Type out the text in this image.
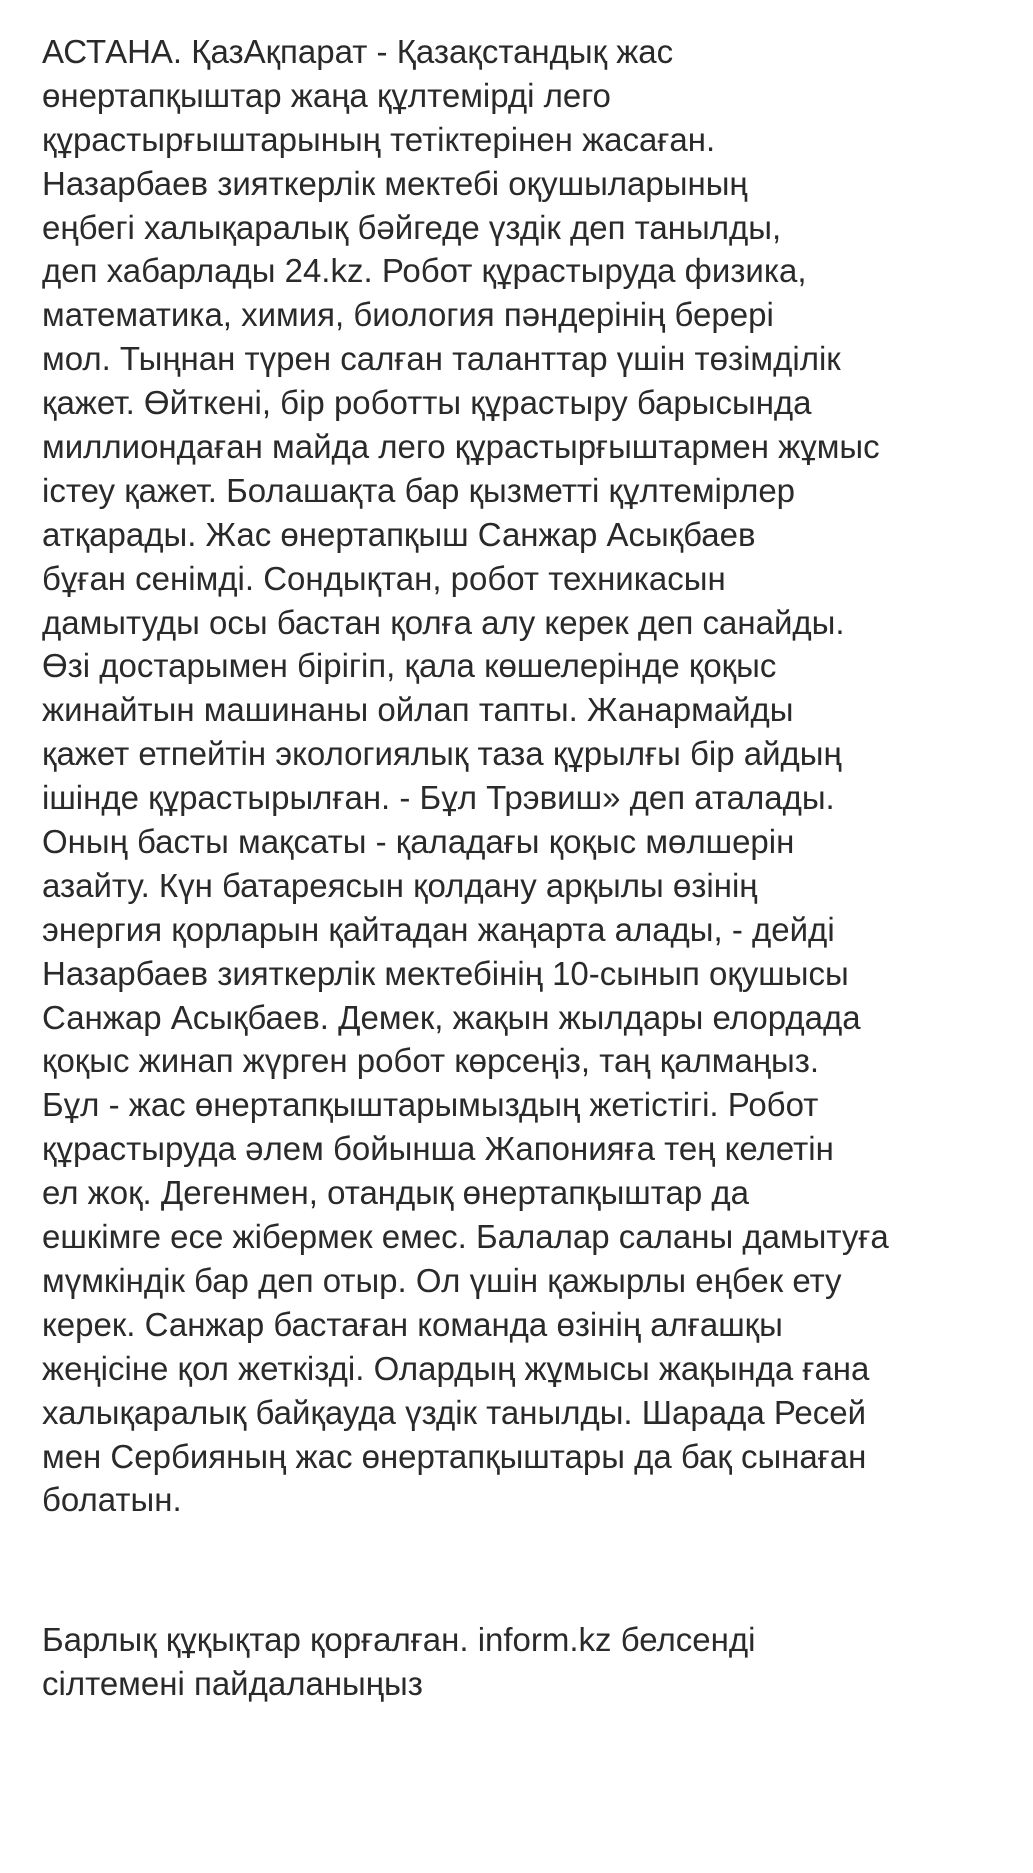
АСТАНА. ҚазАқпарат - Қазақстандық жас
өнертапқыштар жаңа құлтемірді лего
құрастырғыштарының тетіктерінен жасаған.
Назарбаев зияткерлік мектебі оқушыларының
еңбегі халықаралық бәйгеде үздік деп танылды,
деп хабарлады 24.kz. Робот құрастыруда физика,
математика, химия, биология пәндерінің берері
мол. Тыңнан түрен салған таланттар үшін төзімділік
қажет. Өйткені, бір роботты құрастыру барысында
миллиондаған майда лего құрастырғыштармен жұмыс
істеу қажет. Болашақта бар қызметті құлтемірлер
атқарады. Жас өнертапқыш Санжар Асықбаев
бұған сенімді. Сондықтан, робот техникасын
дамытуды осы бастан қолға алу керек деп санайды.
Өзі достарымен бірігіп, қала көшелерінде қоқыс
жинайтын машинаны ойлап тапты. Жанармайды
қажет етпейтін экологиялық таза құрылғы бір айдың
ішінде құрастырылған. - Бұл Трэвиш» деп аталады.
Оның басты мақсаты - қаладағы қоқыс мөлшерін
азайту. Күн батареясын қолдану арқылы өзінің
энергия қорларын қайтадан жаңарта алады, - дейді
Назарбаев зияткерлік мектебінің 10-сынып оқушысы
Санжар Асықбаев. Демек, жақын жылдары елордада
қоқыс жинап жүрген робот көрсеңіз, таң қалмаңыз.
Бұл - жас өнертапқыштарымыздың жетістігі. Робот
құрастыруда әлем бойынша Жапонияға тең келетін
ел жоқ. Дегенмен, отандық өнертапқыштар да
ешкімге есе жібермек емес. Балалар саланы дамытуға
мүмкіндік бар деп отыр. Ол үшін қажырлы еңбек ету
керек. Санжар бастаған команда өзінің алғашқы
жеңісіне қол жеткізді. Олардың жұмысы жақында ғана
халықаралық байқауда үздік танылды. Шарада Ресей
мен Сербияның жас өнертапқыштары да бақ сынаған
болатын.
Барлық құқықтар қорғалған. inform.kz белсенді
сілтемені пайдаланыңыз
